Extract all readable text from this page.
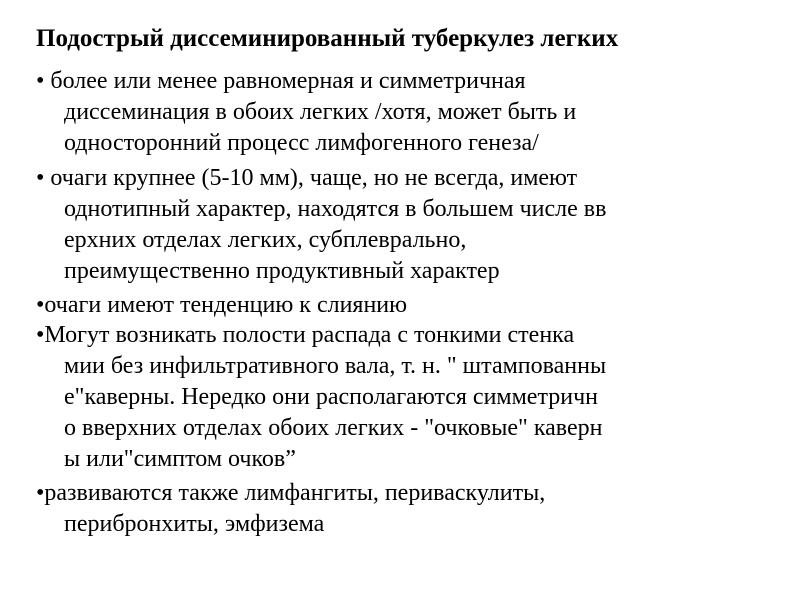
Подострый диссеминированный туберкулез легких
• более или менее равномерная и симметричная
диссеминация в обоих легких /хотя, может быть и
односторонний процесс лимфогенного генеза/
• очаги крупнее (5-10 мм), чаще, но не всегда, имеют
однотипный характер, находятся в большем числе вв
ерхних отделах легких, субплеврально,
преимущественно продуктивный характер
•очаги имеют тенденцию к слиянию
•Могут возникать полости распада с тонкими стенка
мии без инфильтративного вала, т. н. " штампованны
е"каверны. Нередко они располагаются симметричн
о вверхних отделах обоих легких - "очковые" каверн
ы или"симптом очков”
•развиваются также лимфангиты, периваскулиты,
перибронхиты, эмфизема
